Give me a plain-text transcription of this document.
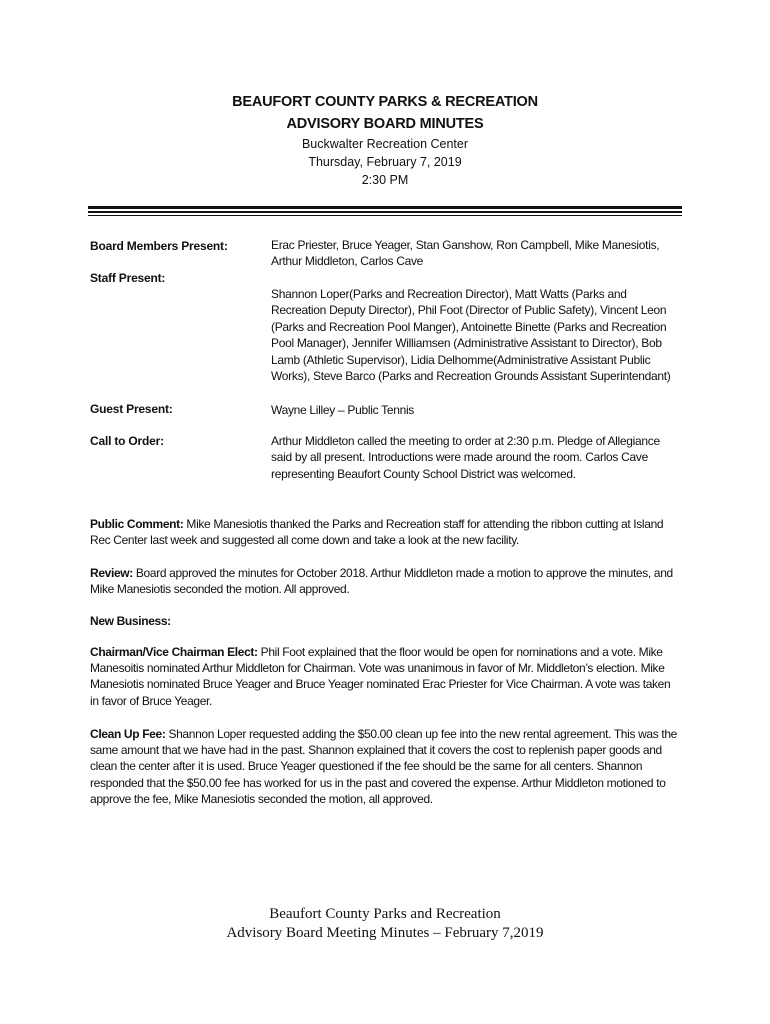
BEAUFORT COUNTY PARKS & RECREATION
ADVISORY BOARD MINUTES
Buckwalter Recreation Center
Thursday, February 7, 2019
2:30 PM
Board Members Present:	Erac Priester, Bruce Yeager, Stan Ganshow, Ron Campbell, Mike Manesiotis, Arthur Middleton, Carlos Cave
Staff Present:
Shannon Loper(Parks and Recreation Director), Matt Watts (Parks and Recreation Deputy Director), Phil Foot (Director of Public Safety), Vincent Leon (Parks and Recreation Pool Manger), Antoinette Binette (Parks and Recreation Pool Manager), Jennifer Williamsen (Administrative Assistant to Director), Bob Lamb (Athletic Supervisor), Lidia Delhomme(Administrative Assistant Public Works), Steve Barco (Parks and Recreation Grounds Assistant Superintendant)
Guest Present:	Wayne Lilley – Public Tennis
Call to Order:	Arthur Middleton called the meeting to order at 2:30 p.m. Pledge of Allegiance said by all present. Introductions were made around the room. Carlos Cave representing Beaufort County School District was welcomed.
Public Comment: Mike Manesiotis thanked the Parks and Recreation staff for attending the ribbon cutting at Island Rec Center last week and suggested all come down and take a look at the new facility.
Review: Board approved the minutes for October 2018. Arthur Middleton made a motion to approve the minutes, and Mike Manesiotis seconded the motion. All approved.
New Business:
Chairman/Vice Chairman Elect: Phil Foot explained that the floor would be open for nominations and a vote. Mike Manesoitis nominated Arthur Middleton for Chairman. Vote was unanimous in favor of Mr. Middleton’s election. Mike Manesiotis nominated Bruce Yeager and Bruce Yeager nominated Erac Priester for Vice Chairman. A vote was taken in favor of Bruce Yeager.
Clean Up Fee: Shannon Loper requested adding the $50.00 clean up fee into the new rental agreement. This was the same amount that we have had in the past. Shannon explained that it covers the cost to replenish paper goods and clean the center after it is used. Bruce Yeager questioned if the fee should be the same for all centers. Shannon responded that the $50.00 fee has worked for us in the past and covered the expense. Arthur Middleton motioned to approve the fee, Mike Manesiotis seconded the motion, all approved.
Beaufort County Parks and Recreation
Advisory Board Meeting Minutes – February 7,2019
